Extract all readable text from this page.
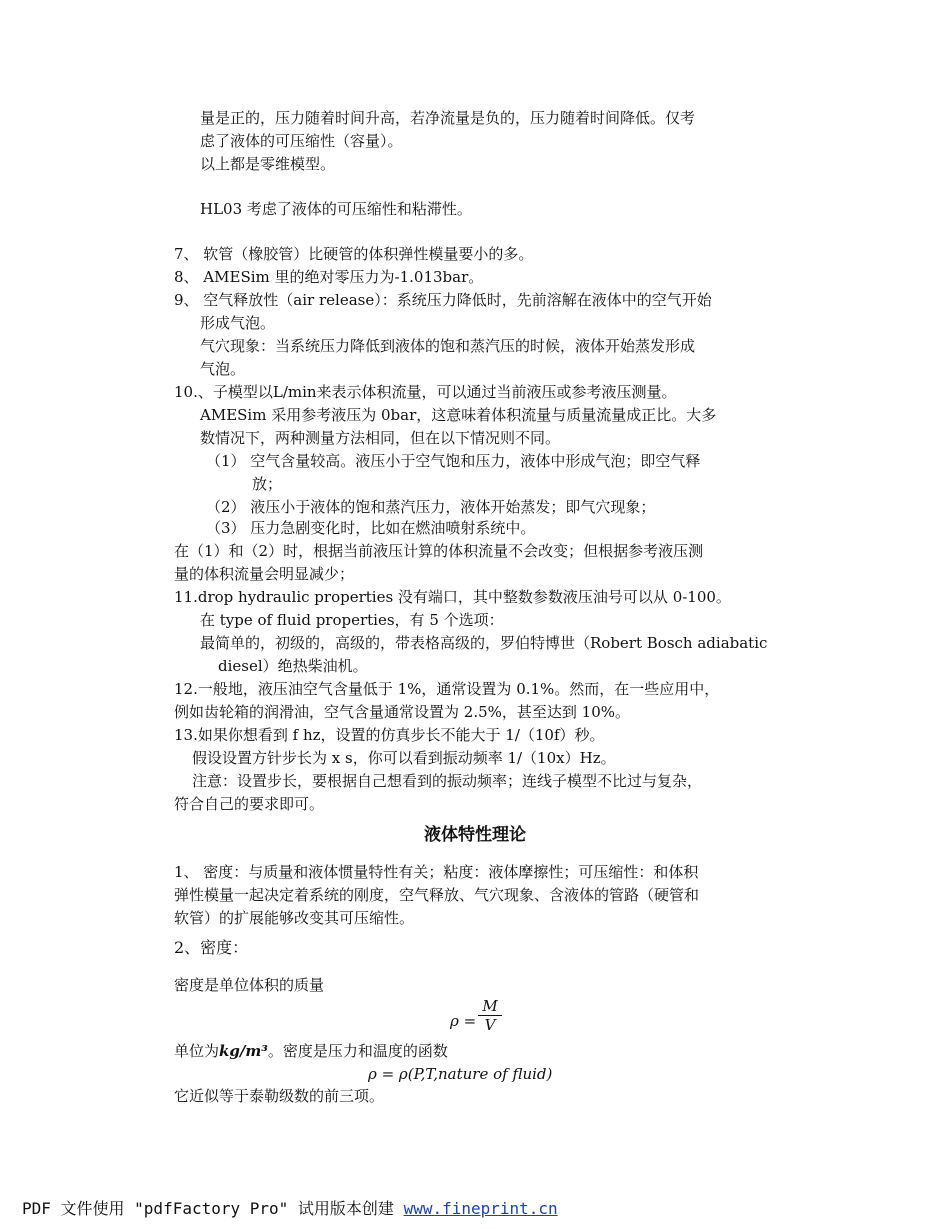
量是正的，压力随着时间升高，若净流量是负的，压力随着时间降低。仅考
虑了液体的可压缩性（容量）。
以上都是零维模型。
HL03 考虑了液体的可压缩性和粘滞性。
7、 软管（橡胶管）比硬管的体积弹性模量要小的多。
8、 AMESim 里的绝对零压力为-1.013bar。
9、 空气释放性（air release）：系统压力降低时，先前溶解在液体中的空气开始
形成气泡。
气穴现象：当系统压力降低到液体的饱和蒸汽压的时候，液体开始蒸发形成
气泡。
10.、子模型以L/min来表示体积流量，可以通过当前液压或参考液压测量。
AMESim 采用参考液压为 0bar，这意味着体积流量与质量流量成正比。大多
数情况下，两种测量方法相同，但在以下情况则不同。
（1） 空气含量较高。液压小于空气饱和压力，液体中形成气泡；即空气释
放；
（2） 液压小于液体的饱和蒸汽压力，液体开始蒸发；即气穴现象；
（3） 压力急剧变化时，比如在燃油喷射系统中。
在（1）和（2）时，根据当前液压计算的体积流量不会改变；但根据参考液压测
量的体积流量会明显减少；
11.drop hydraulic properties 没有端口，其中整数参数液压油号可以从 0-100。
在 type of fluid properties，有 5 个选项：
最简单的，初级的，高级的，带表格高级的，罗伯特博世（Robert Bosch adiabatic
diesel）绝热柴油机。
12.一般地，液压油空气含量低于 1%，通常设置为 0.1%。然而，在一些应用中，
例如齿轮箱的润滑油，空气含量通常设置为 2.5%，甚至达到 10%。
13.如果你想看到 f hz，设置的仿真步长不能大于 1/（10f）秒。
假设设置方针步长为 x s，你可以看到振动频率 1/（10x）Hz。
注意：设置步长，要根据自己想看到的振动频率；连线子模型不比过与复杂，
符合自己的要求即可。
液体特性理论
1、 密度：与质量和液体惯量特性有关；粘度：液体摩擦性；可压缩性：和体积
弹性模量一起决定着系统的刚度，空气释放、气穴现象、含液体的管路（硬管和
软管）的扩展能够改变其可压缩性。
2、密度：
密度是单位体积的质量
ρ =
M
V
单位为kg/m³。密度是压力和温度的函数
ρ = ρ(P,T,nature of fluid)
它近似等于泰勒级数的前三项。
PDF 文件使用 "pdfFactory Pro" 试用版本创建 www.fineprint.cn
